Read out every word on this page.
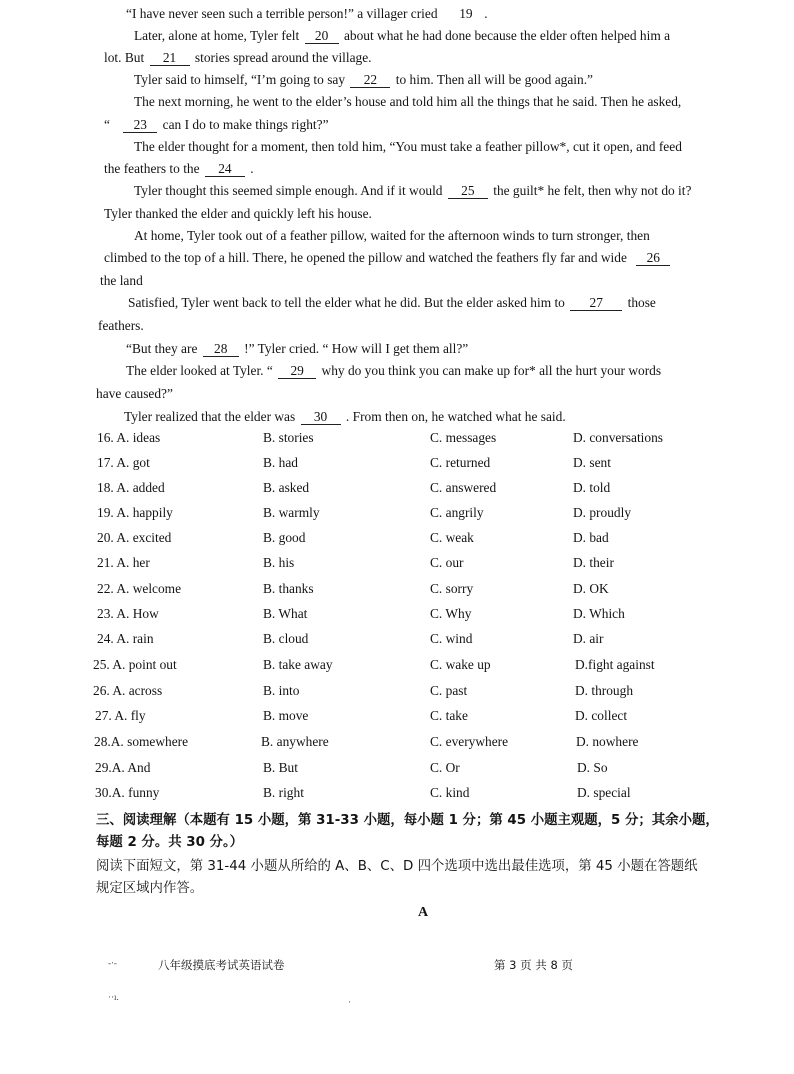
“I have never seen such a terrible person!” a villager cried 19 .
Later, alone at home, Tyler felt 20 about what he had done because the elder often helped him a
lot. But 21 stories spread around the village.
Tyler said to himself, “I’m going to say 22 to him. Then all will be good again.”
The next morning, he went to the elder’s house and told him all the things that he said. Then he asked,
“ 23 can I do to make things right?”
The elder thought for a moment, then told him, “You must take a feather pillow*, cut it open, and feed
the feathers to the 24 .
Tyler thought this seemed simple enough. And if it would 25 the guilt* he felt, then why not do it?
Tyler thanked the elder and quickly left his house.
At home, Tyler took out of a feather pillow, waited for the afternoon winds to turn stronger, then
climbed to the top of a hill. There, he opened the pillow and watched the feathers fly far and wide 26
the land
Satisfied, Tyler went back to tell the elder what he did. But the elder asked him to 27 those
feathers.
“But they are 28 !” Tyler cried. “ How will I get them all?”
The elder looked at Tyler. “ 29 why do you think you can make up for* all the hurt your words
have caused?”
Tyler realized that the elder was 30 . From then on, he watched what he said.
16. A. ideas	B. stories	C. messages	D. conversations
17. A. got	B. had	C. returned	D. sent
18. A. added	B. asked	C. answered	D. told
19. A. happily	B. warmly	C. angrily	D. proudly
20. A. excited	B. good	C. weak	D. bad
21. A. her	B. his	C. our	D. their
22. A. welcome	B. thanks	C. sorry	D. OK
23. A. How	B. What	C. Why	D. Which
24. A. rain	B. cloud	C. wind	D. air
25. A. point out	B. take away	C. wake up	D.fight against
26. A. across	B. into	C. past	D. through
27. A. fly	B. move	C. take	D. collect
28.A. somewhere	B. anywhere	C. everywhere	D. nowhere
29.A. And	B. But	C. Or	D. So
30.A. funny	B. right	C. kind	D. special
三、阅读理解（本题有 15 小题，第 31-33 小题，每小题 1 分；第 45 小题主观题，5 分；其余小题，
每题 2 分。共 30 分。）
阅读下面短文，第 31-44 小题从所给的 A、B、C、D 四个选项中选出最佳选项，第 45 小题在答题纸
规定区域内作答。
A
八年级摸底考试英语试卷	第 3 页 共 8 页
-‧-
··ı.	·
